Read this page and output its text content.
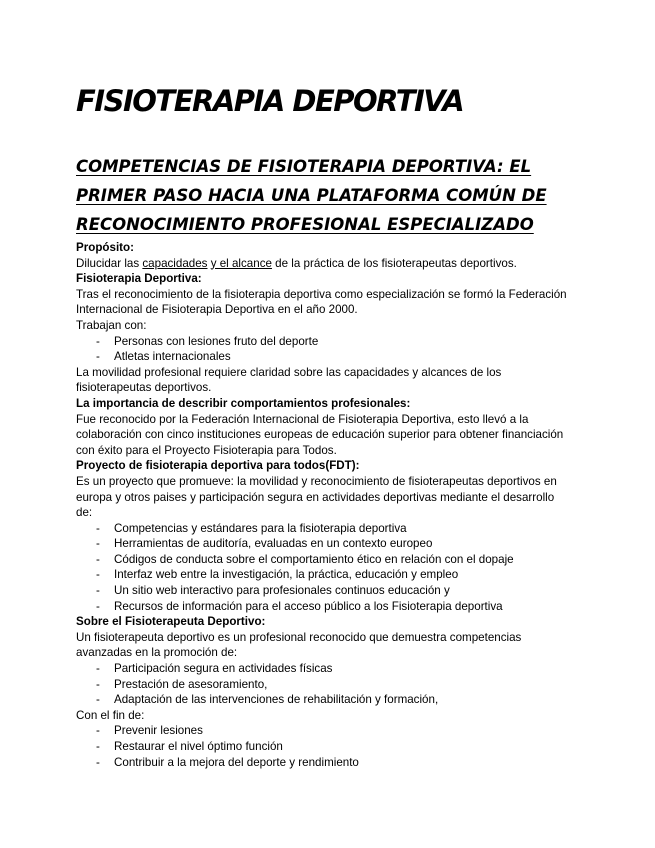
FISIOTERAPIA DEPORTIVA
COMPETENCIAS DE FISIOTERAPIA DEPORTIVA: EL
PRIMER PASO HACIA UNA PLATAFORMA COMÚN DE
RECONOCIMIENTO PROFESIONAL ESPECIALIZADO

Propósito:

Dilucidar las capacidades y el alcance de la práctica de los fisioterapeutas deportivos.

Fisioterapia Deportiva:

Tras el reconocimiento de la fisioterapia deportiva como especialización se formó la Federación

Internacional de Fisioterapia Deportiva en el año 2000.

Trabajan con:

- Personas con lesiones fruto del deporte
- Atletas internacionales

La movilidad profesional requiere claridad sobre las capacidades y alcances de los

fisioterapeutas deportivos.

La importancia de describir comportamientos profesionales:

Fue reconocido por la Federación Internacional de Fisioterapia Deportiva, esto llevó a la

colaboración con cinco instituciones europeas de educación superior para obtener financiación

con éxito para el Proyecto Fisioterapia para Todos.

Proyecto de fisioterapia deportiva para todos(FDT):

Es un proyecto que promueve: la movilidad y reconocimiento de fisioterapeutas deportivos en

europa y otros paises y participación segura en actividades deportivas mediante el desarrollo

de:

- Competencias y estándares para la fisioterapia deportiva
- Herramientas de auditoría, evaluadas en un contexto europeo
- Códigos de conducta sobre el comportamiento ético en relación con el dopaje
- Interfaz web entre la investigación, la práctica, educación y empleo
- Un sitio web interactivo para profesionales continuos educación y
- Recursos de información para el acceso público a los Fisioterapia deportiva

Sobre el Fisioterapeuta Deportivo:

Un fisioterapeuta deportivo es un profesional reconocido que demuestra competencias

avanzadas en la promoción de:

- Participación segura en actividades físicas
- Prestación de asesoramiento,
- Adaptación de las intervenciones de rehabilitación y formación,

Con el fin de:

- Prevenir lesiones
- Restaurar el nivel óptimo función
- Contribuir a la mejora del deporte y rendimiento
